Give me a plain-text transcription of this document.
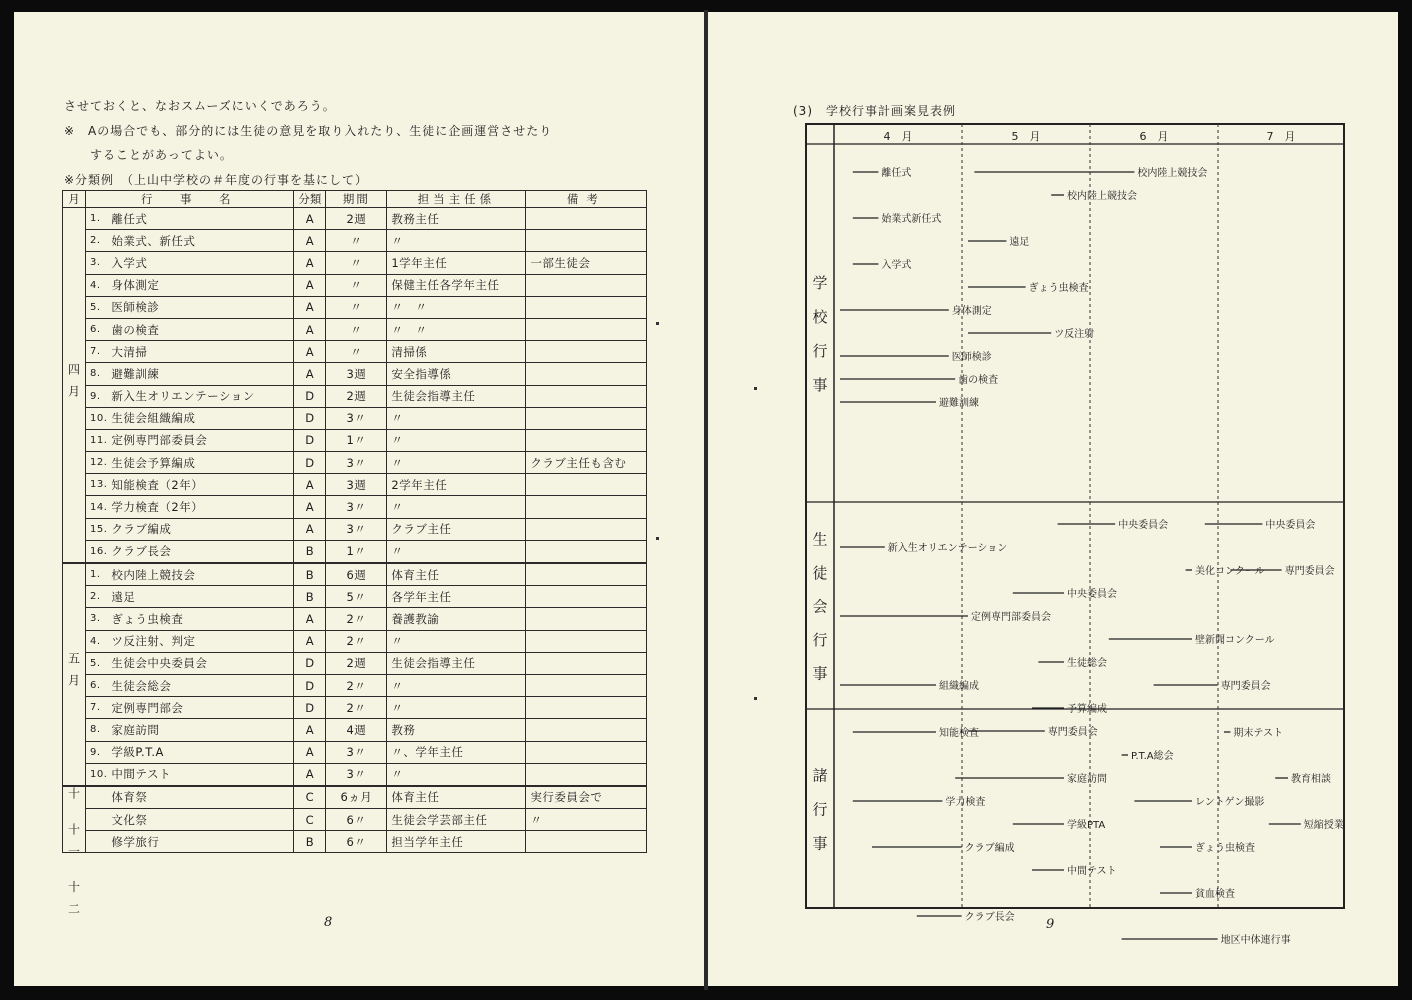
させておくと、なおスムーズにいくであろう。
※　Aの場合でも、部分的には生徒の意見を取り入れたり、生徒に企画運営させたり
　　することがあってよい。
※分類例　（上山中学校の＃年度の行事を基にして）
月	行　事　名		分類	期間	担当主任係	備考
四月	1.	離任式	A	2週	教務主任	
	2.	始業式、新任式	A	〃	〃	
	3.	入学式	A	〃	1学年主任	一部生徒会
	4.	身体測定	A	〃	保健主任各学年主任	
	5.	医師検診	A	〃	〃　〃	
	6.	歯の検査	A	〃	〃　〃	
	7.	大清掃	A	〃	清掃係	
	8.	避難訓練	A	3週	安全指導係	
	9.	新入生オリエンテーション	D	2週	生徒会指導主任	
	10.	生徒会組織編成	D	3〃	〃	
	11.	定例専門部委員会	D	1〃	〃	
	12.	生徒会予算編成	D	3〃	〃	クラブ主任も含む
	13.	知能検査（2年）	A	3週	2学年主任	
	14.	学力検査（2年）	A	3〃	〃	
	15.	クラブ編成	A	3〃	クラブ主任	
	16.	クラブ長会	B	1〃	〃	
五月	1.	校内陸上競技会	B	6週	体育主任	
	2.	遠足	B	5〃	各学年主任	
	3.	ぎょう虫検査	A	2〃	養護教諭	
	4.	ツ反注射、判定	A	2〃	〃	
	5.	生徒会中央委員会	D	2週	生徒会指導主任	
	6.	生徒会総会	D	2〃	〃	
	7.	定例専門部会	D	2〃	〃	
	8.	家庭訪問	A	4週	教務	
	9.	学級P.T.A	A	3〃	〃、学年主任	
	10.	中間テスト	A	3〃	〃	
十 十一 十二		体育祭	C	6ヵ月	体育主任	実行委員会で
		文化祭	C	6〃	生徒会学芸部主任	〃
		修学旅行	B	6〃	担当学年主任	
8
(3)　学校行事計画案見表例
4　月	5　月	6　月	7　月
学
校
行
事
生
徒
会
行
事
諸
行
事
離任式	校内陸上競技会
校内陸上競技会
始業式新任式
遠足
入学式
ぎょう虫検査
身体測定
ツ反注射
医師検診
歯の検査
避難訓練
中央委員会	中央委員会
新入生オリエンテーション
美化コンクール 専門委員会
中央委員会
定例専門部委員会
壁新聞コンクール
生徒総会
組織編成	専門委員会
予算編成
専門委員会
知能検査	期末テスト
P.T.A総会
家庭訪問	教育相談
学力検査	レントゲン撮影
学級PTA	短縮授業
クラブ編成	ぎょう虫検査
中間テスト
貧血検査
クラブ長会
地区中体連行事
9
